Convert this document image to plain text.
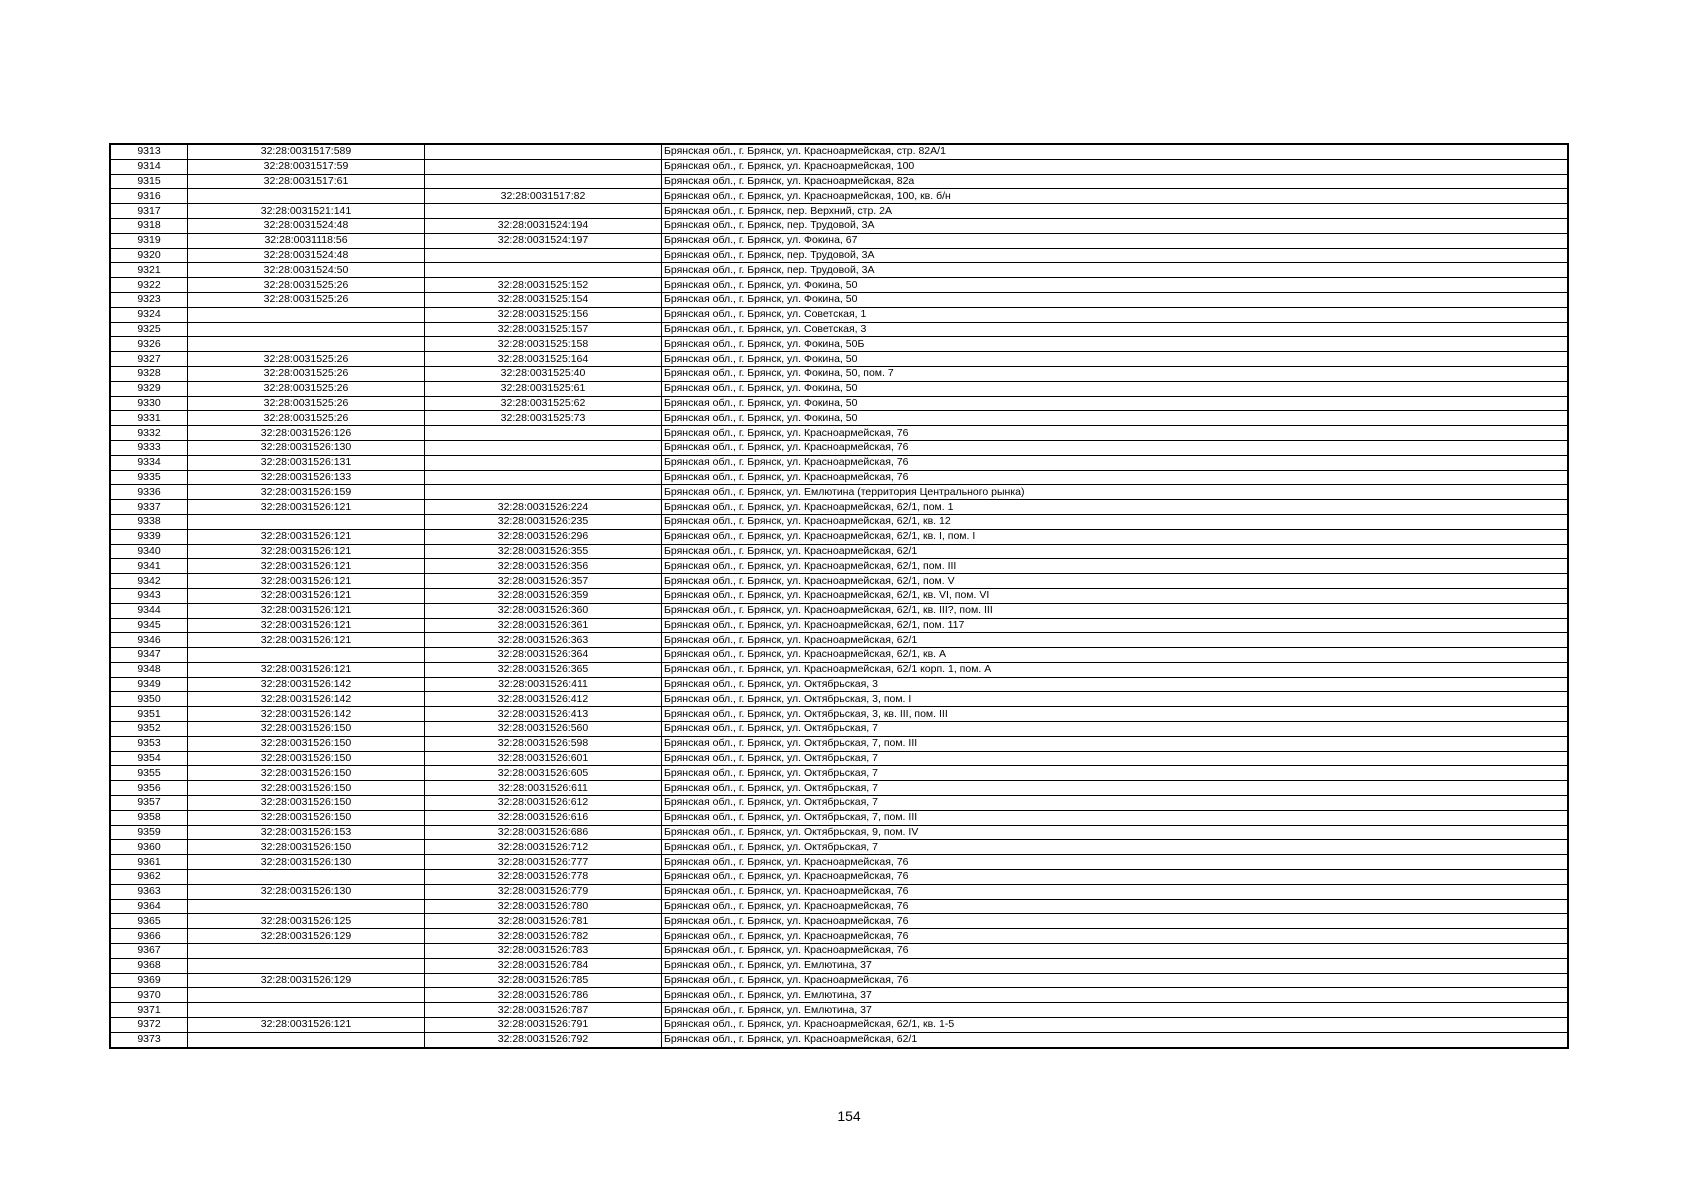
9313	32:28:0031517:589		Брянская обл., г. Брянск, ул. Красноармейская, стр. 82А/1
9314	32:28:0031517:59		Брянская обл., г. Брянск, ул. Красноармейская, 100
9315	32:28:0031517:61		Брянская обл., г. Брянск, ул. Красноармейская, 82а
9316		32:28:0031517:82	Брянская обл., г. Брянск, ул. Красноармейская, 100, кв. б/н
9317	32:28:0031521:141		Брянская обл., г. Брянск, пер. Верхний, стр. 2А
9318	32:28:0031524:48	32:28:0031524:194	Брянская обл., г. Брянск, пер. Трудовой, 3А
9319	32:28:0031118:56	32:28:0031524:197	Брянская обл., г. Брянск, ул. Фокина, 67
9320	32:28:0031524:48		Брянская обл., г. Брянск, пер. Трудовой, 3А
9321	32:28:0031524:50		Брянская обл., г. Брянск, пер. Трудовой, 3А
9322	32:28:0031525:26	32:28:0031525:152	Брянская обл., г. Брянск, ул. Фокина, 50
9323	32:28:0031525:26	32:28:0031525:154	Брянская обл., г. Брянск, ул. Фокина, 50
9324		32:28:0031525:156	Брянская обл., г. Брянск, ул. Советская, 1
9325		32:28:0031525:157	Брянская обл., г. Брянск, ул. Советская, 3
9326		32:28:0031525:158	Брянская обл., г. Брянск, ул. Фокина, 50Б
9327	32:28:0031525:26	32:28:0031525:164	Брянская обл., г. Брянск, ул. Фокина, 50
9328	32:28:0031525:26	32:28:0031525:40	Брянская обл., г. Брянск, ул. Фокина, 50, пом. 7
9329	32:28:0031525:26	32:28:0031525:61	Брянская обл., г. Брянск, ул. Фокина, 50
9330	32:28:0031525:26	32:28:0031525:62	Брянская обл., г. Брянск, ул. Фокина, 50
9331	32:28:0031525:26	32:28:0031525:73	Брянская обл., г. Брянск, ул. Фокина, 50
9332	32:28:0031526:126		Брянская обл., г. Брянск, ул. Красноармейская, 76
9333	32:28:0031526:130		Брянская обл., г. Брянск, ул. Красноармейская, 76
9334	32:28:0031526:131		Брянская обл., г. Брянск, ул. Красноармейская, 76
9335	32:28:0031526:133		Брянская обл., г. Брянск, ул. Красноармейская, 76
9336	32:28:0031526:159		Брянская обл., г. Брянск, ул. Емлютина (территория Центрального рынка)
9337	32:28:0031526:121	32:28:0031526:224	Брянская обл., г. Брянск, ул. Красноармейская, 62/1, пом. 1
9338		32:28:0031526:235	Брянская обл., г. Брянск, ул. Красноармейская, 62/1, кв. 12
9339	32:28:0031526:121	32:28:0031526:296	Брянская обл., г. Брянск, ул. Красноармейская, 62/1, кв. I, пом. I
9340	32:28:0031526:121	32:28:0031526:355	Брянская обл., г. Брянск, ул. Красноармейская, 62/1
9341	32:28:0031526:121	32:28:0031526:356	Брянская обл., г. Брянск, ул. Красноармейская, 62/1, пом. III
9342	32:28:0031526:121	32:28:0031526:357	Брянская обл., г. Брянск, ул. Красноармейская, 62/1, пом. V
9343	32:28:0031526:121	32:28:0031526:359	Брянская обл., г. Брянск, ул. Красноармейская, 62/1, кв. VI, пом. VI
9344	32:28:0031526:121	32:28:0031526:360	Брянская обл., г. Брянск, ул. Красноармейская, 62/1, кв. III?, пом. III
9345	32:28:0031526:121	32:28:0031526:361	Брянская обл., г. Брянск, ул. Красноармейская, 62/1, пом. 117
9346	32:28:0031526:121	32:28:0031526:363	Брянская обл., г. Брянск, ул. Красноармейская, 62/1
9347		32:28:0031526:364	Брянская обл., г. Брянск, ул. Красноармейская, 62/1, кв. А
9348	32:28:0031526:121	32:28:0031526:365	Брянская обл., г. Брянск, ул. Красноармейская, 62/1 корп. 1, пом. А
9349	32:28:0031526:142	32:28:0031526:411	Брянская обл., г. Брянск, ул. Октябрьская, 3
9350	32:28:0031526:142	32:28:0031526:412	Брянская обл., г. Брянск, ул. Октябрьская, 3, пом. I
9351	32:28:0031526:142	32:28:0031526:413	Брянская обл., г. Брянск, ул. Октябрьская, 3, кв. III, пом. III
9352	32:28:0031526:150	32:28:0031526:560	Брянская обл., г. Брянск, ул. Октябрьская, 7
9353	32:28:0031526:150	32:28:0031526:598	Брянская обл., г. Брянск, ул. Октябрьская, 7, пом. III
9354	32:28:0031526:150	32:28:0031526:601	Брянская обл., г. Брянск, ул. Октябрьская, 7
9355	32:28:0031526:150	32:28:0031526:605	Брянская обл., г. Брянск, ул. Октябрьская, 7
9356	32:28:0031526:150	32:28:0031526:611	Брянская обл., г. Брянск, ул. Октябрьская, 7
9357	32:28:0031526:150	32:28:0031526:612	Брянская обл., г. Брянск, ул. Октябрьская, 7
9358	32:28:0031526:150	32:28:0031526:616	Брянская обл., г. Брянск, ул. Октябрьская, 7, пом. III
9359	32:28:0031526:153	32:28:0031526:686	Брянская обл., г. Брянск, ул. Октябрьская, 9, пом. IV
9360	32:28:0031526:150	32:28:0031526:712	Брянская обл., г. Брянск, ул. Октябрьская, 7
9361	32:28:0031526:130	32:28:0031526:777	Брянская обл., г. Брянск, ул. Красноармейская, 76
9362		32:28:0031526:778	Брянская обл., г. Брянск, ул. Красноармейская, 76
9363	32:28:0031526:130	32:28:0031526:779	Брянская обл., г. Брянск, ул. Красноармейская, 76
9364		32:28:0031526:780	Брянская обл., г. Брянск, ул. Красноармейская, 76
9365	32:28:0031526:125	32:28:0031526:781	Брянская обл., г. Брянск, ул. Красноармейская, 76
9366	32:28:0031526:129	32:28:0031526:782	Брянская обл., г. Брянск, ул. Красноармейская, 76
9367		32:28:0031526:783	Брянская обл., г. Брянск, ул. Красноармейская, 76
9368		32:28:0031526:784	Брянская обл., г. Брянск, ул. Емлютина, 37
9369	32:28:0031526:129	32:28:0031526:785	Брянская обл., г. Брянск, ул. Красноармейская, 76
9370		32:28:0031526:786	Брянская обл., г. Брянск, ул. Емлютина, 37
9371		32:28:0031526:787	Брянская обл., г. Брянск, ул. Емлютина, 37
9372	32:28:0031526:121	32:28:0031526:791	Брянская обл., г. Брянск, ул. Красноармейская, 62/1, кв. 1-5
9373		32:28:0031526:792	Брянская обл., г. Брянск, ул. Красноармейская, 62/1
154
